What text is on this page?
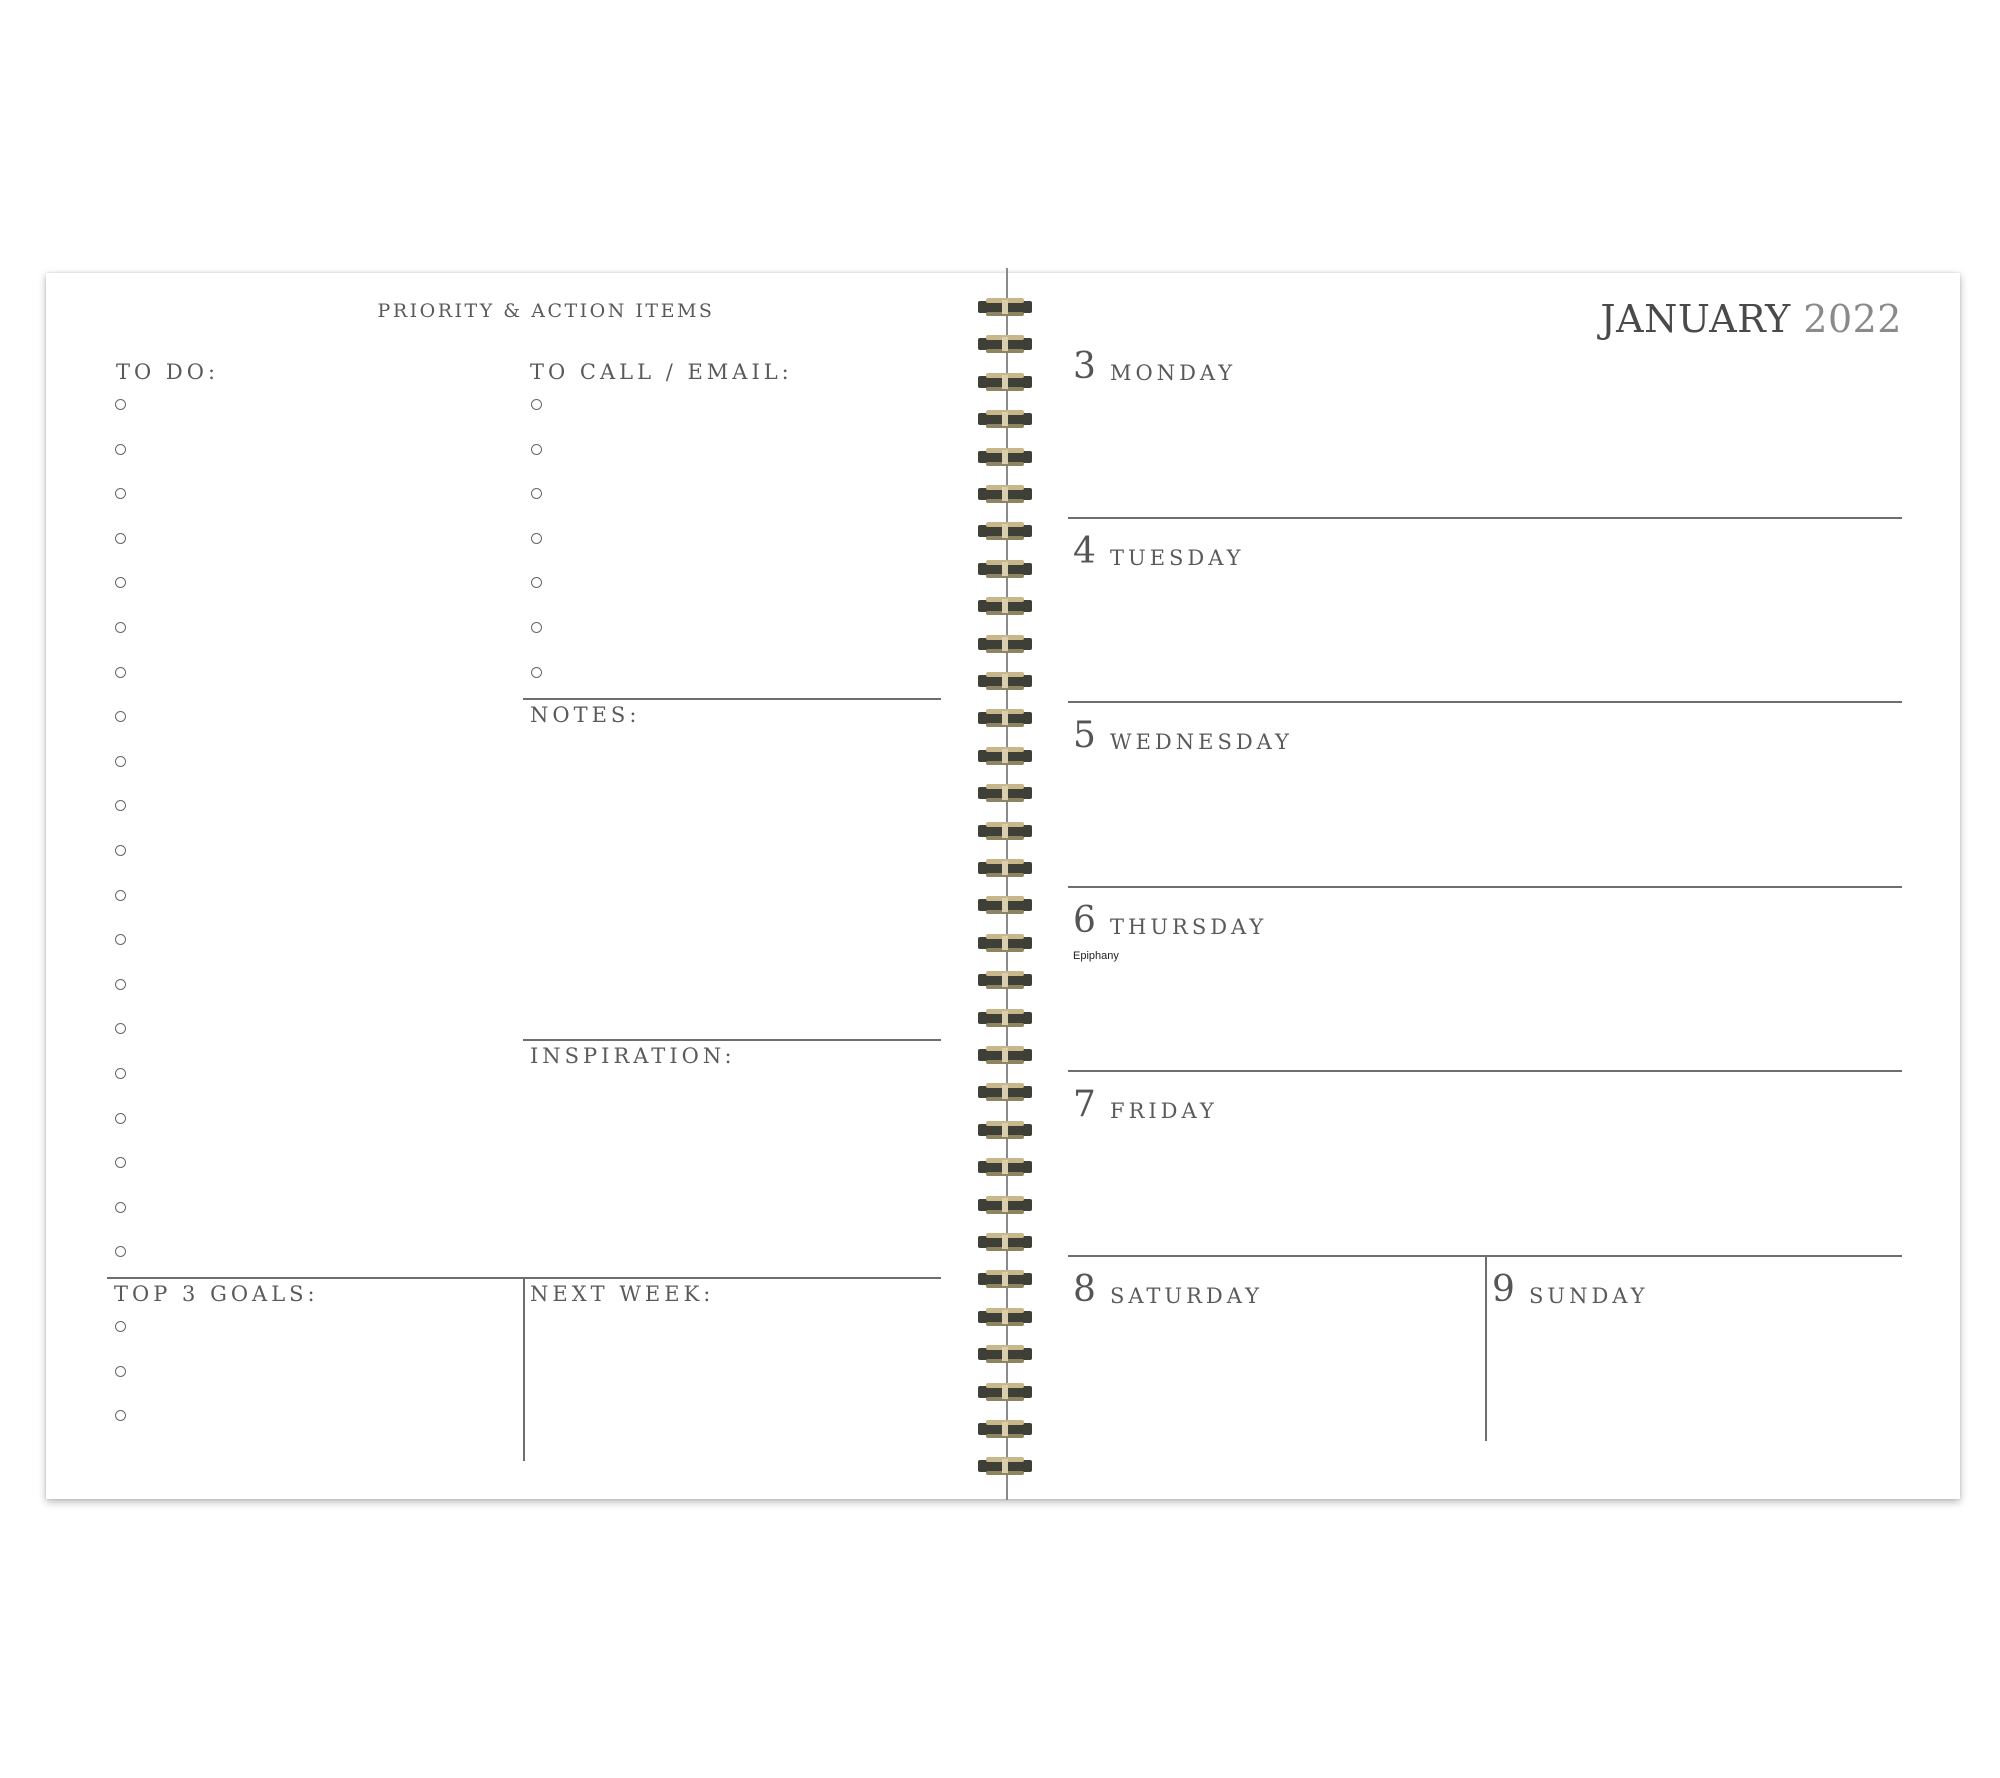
PRIORITY & ACTION ITEMS
TO DO:	TO CALL / EMAIL:
NOTES:
INSPIRATION:
TOP 3 GOALS:	NEXT WEEK:
JANUARY 2022
3 MONDAY
4 TUESDAY
5 WEDNESDAY
6 THURSDAY
Epiphany
7 FRIDAY
8 SATURDAY	9 SUNDAY
